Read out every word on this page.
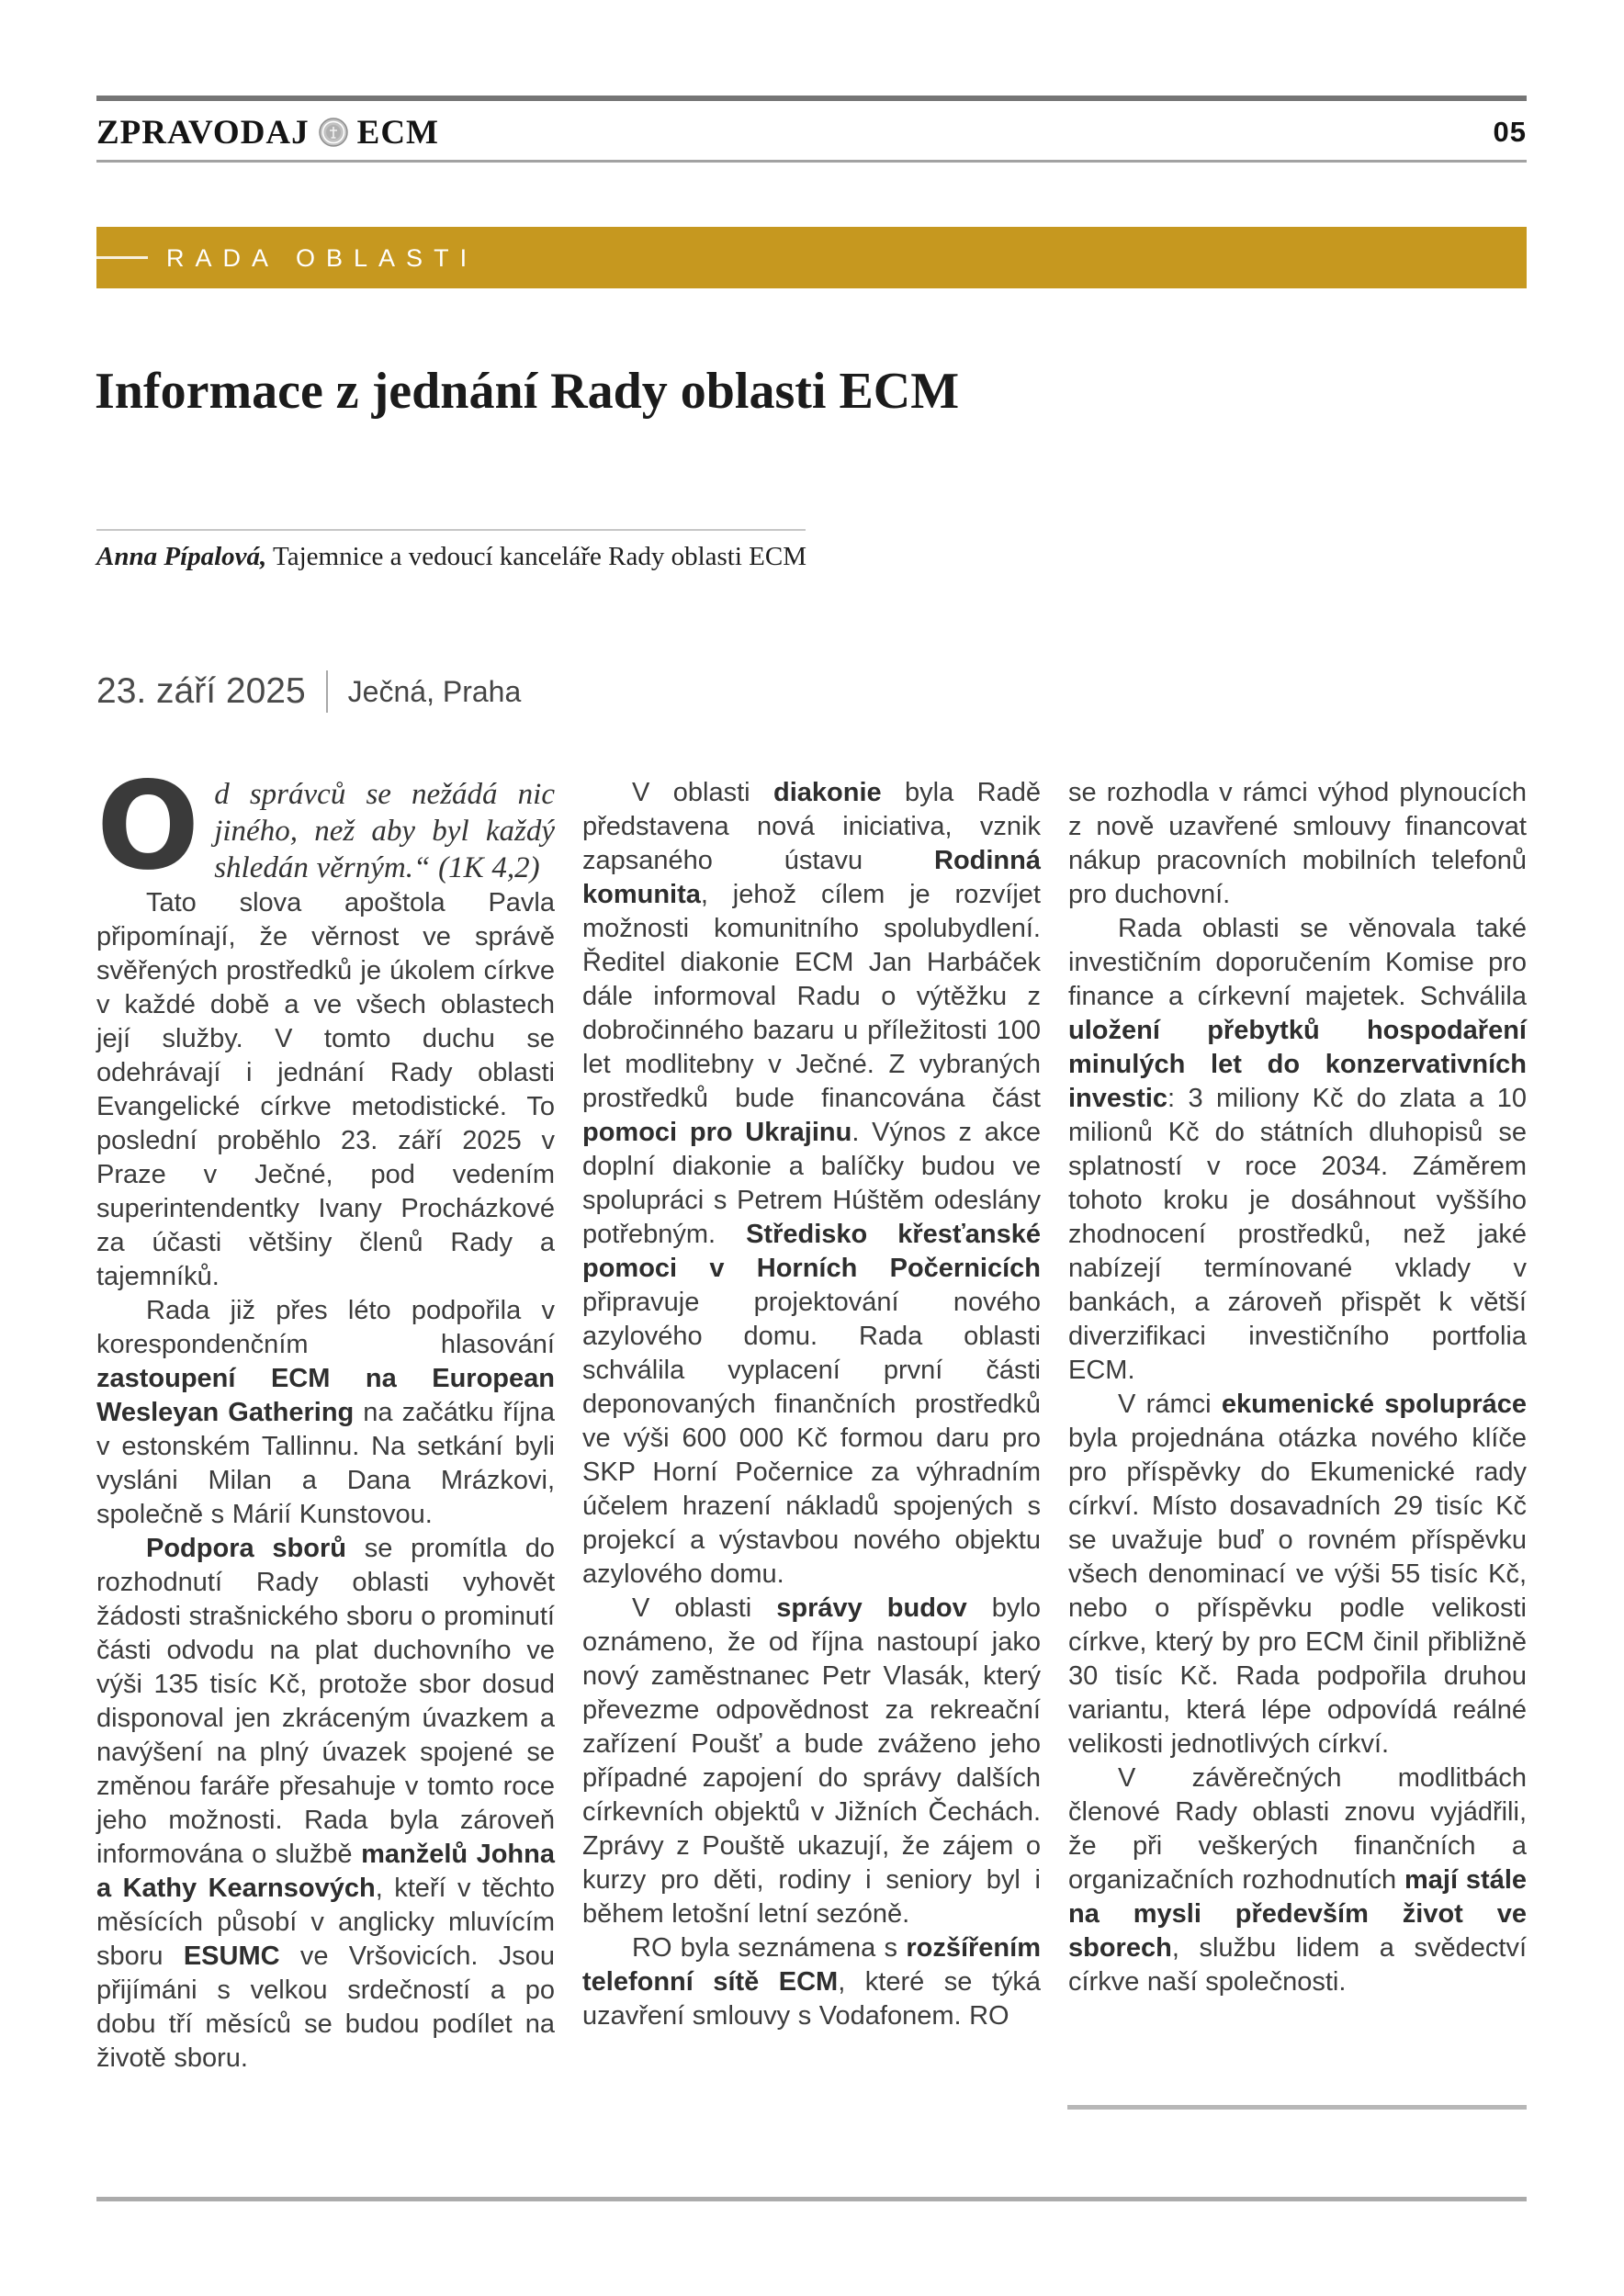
ZPRAVODAJ ECM	05
RADA OBLASTI
Informace z jednání Rady oblasti ECM

Anna Pípalová, Tajemnice a vedoucí kanceláře Rady oblasti ECM

23. září 2025 Ječná, Praha

Od správců se nežádá nic jiného, než aby byl každý shledán věrným.“ (1K 4,2)

Tato slova apoštola Pavla připomínají, že věrnost ve správě svěřených prostředků je úkolem církve v každé době a ve všech oblastech její služby. V tomto duchu se odehrávají i jednání Rady oblasti Evangelické církve metodistické. To poslední proběhlo 23. září 2025 v Praze v Ječné, pod vedením superintendentky Ivany Procházkové za účasti většiny členů Rady a tajemníků.

Rada již přes léto podpořila v korespondenčním hlasování zastoupení ECM na European Wesleyan Gathering na začátku října v estonském Tallinnu. Na setkání byli vysláni Milan a Dana Mrázkovi, společně s Márií Kunstovou.

Podpora sborů se promítla do rozhodnutí Rady oblasti vyhovět žádosti strašnického sboru o prominutí části odvodu na plat duchovního ve výši 135 tisíc Kč, protože sbor dosud disponoval jen zkráceným úvazkem a navýšení na plný úvazek spojené se změnou faráře přesahuje v tomto roce jeho možnosti. Rada byla zároveň informována o službě manželů Johna a Kathy Kearnsových, kteří v těchto měsících působí v anglicky mluvícím sboru ESUMC ve Vršovicích. Jsou přijímáni s velkou srdečností a po dobu tří měsíců se budou podílet na životě sboru.

V oblasti diakonie byla Radě představena nová iniciativa, vznik zapsaného ústavu Rodinná komunita, jehož cílem je rozvíjet možnosti komunitního spolubydlení. Ředitel diakonie ECM Jan Harbáček dále informoval Radu o výtěžku z dobročinného bazaru u příležitosti 100 let modlitebny v Ječné. Z vybraných prostředků bude financována část pomoci pro Ukrajinu. Výnos z akce doplní diakonie a balíčky budou ve spolupráci s Petrem Húštěm odeslány potřebným. Středisko křesťanské pomoci v Horních Počernicích připravuje projektování nového azylového domu. Rada oblasti schválila vyplacení první části deponovaných finančních prostředků ve výši 600 000 Kč formou daru pro SKP Horní Počernice za výhradním účelem hrazení nákladů spojených s projekcí a výstavbou nového objektu azylového domu.

V oblasti správy budov bylo oznámeno, že od října nastoupí jako nový zaměstnanec Petr Vlasák, který převezme odpovědnost za rekreační zařízení Poušť a bude zváženo jeho případné zapojení do správy dalších církevních objektů v Jižních Čechách. Zprávy z Pouště ukazují, že zájem o kurzy pro děti, rodiny i seniory byl i během letošní letní sezóně.

RO byla seznámena s rozšířením telefonní sítě ECM, které se týká uzavření smlouvy s Vodafonem. RO

se rozhodla v rámci výhod plynoucích z nově uzavřené smlouvy financovat nákup pracovních mobilních telefonů pro duchovní.

Rada oblasti se věnovala také investičním doporučením Komise pro finance a církevní majetek. Schválila uložení přebytků hospodaření minulých let do konzervativních investic: 3 miliony Kč do zlata a 10 milionů Kč do státních dluhopisů se splatností v roce 2034. Záměrem tohoto kroku je dosáhnout vyššího zhodnocení prostředků, než jaké nabízejí termínované vklady v bankách, a zároveň přispět k větší diverzifikaci investičního portfolia ECM.

V rámci ekumenické spolupráce byla projednána otázka nového klíče pro příspěvky do Ekumenické rady církví. Místo dosavadních 29 tisíc Kč se uvažuje buď o rovném příspěvku všech denominací ve výši 55 tisíc Kč, nebo o příspěvku podle velikosti církve, který by pro ECM činil přibližně 30 tisíc Kč. Rada podpořila druhou variantu, která lépe odpovídá reálné velikosti jednotlivých církví.

V závěrečných modlitbách členové Rady oblasti znovu vyjádřili, že při veškerých finančních a organizačních rozhodnutích mají stále na mysli především život ve sborech, službu lidem a svědectví církve naší společnosti.
